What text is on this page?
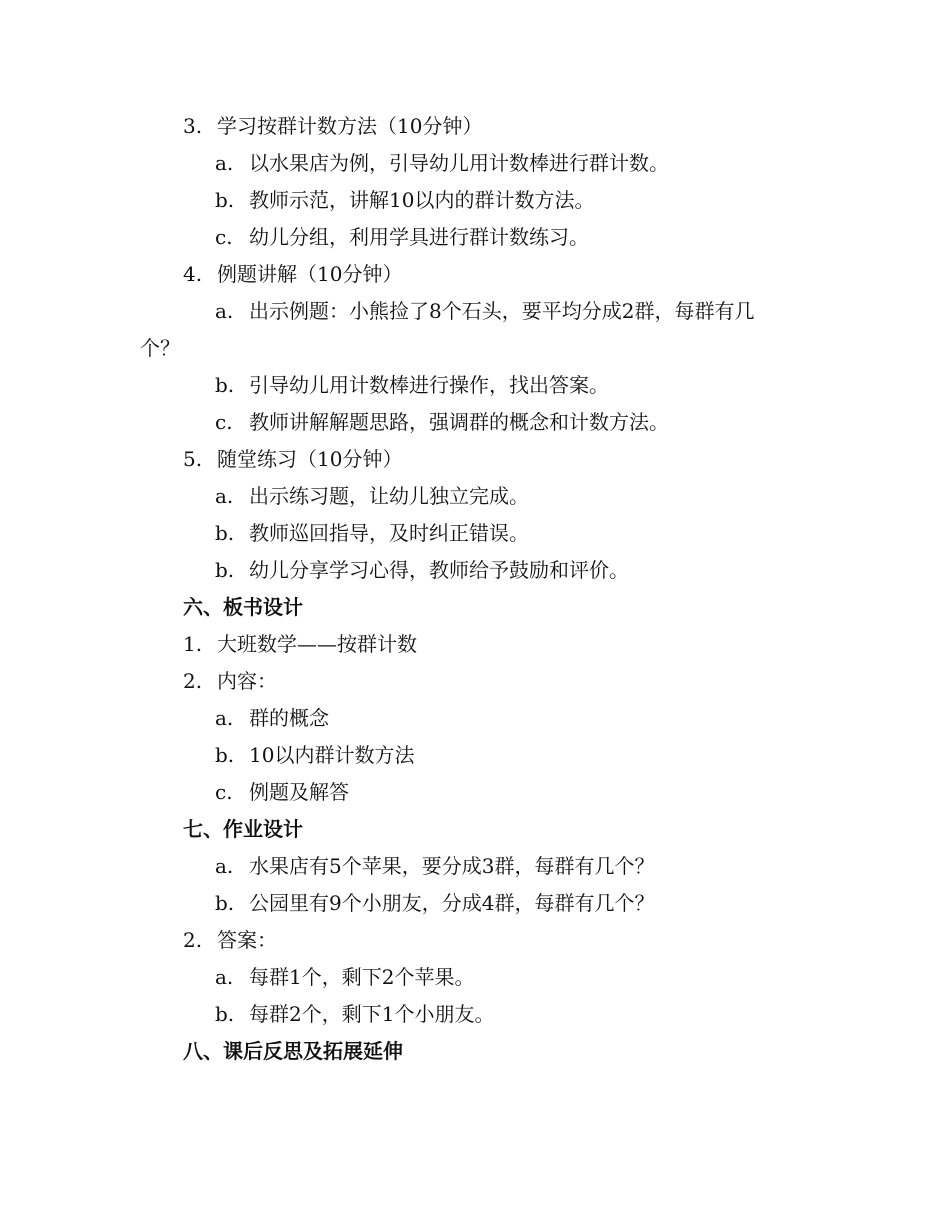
3. 学习按群计数方法（10分钟）
a. 以水果店为例，引导幼儿用计数棒进行群计数。
b. 教师示范，讲解10以内的群计数方法。
c. 幼儿分组，利用学具进行群计数练习。
4. 例题讲解（10分钟）
a. 出示例题：小熊捡了8个石头，要平均分成2群，每群有几
个？
b. 引导幼儿用计数棒进行操作，找出答案。
c. 教师讲解解题思路，强调群的概念和计数方法。
5. 随堂练习（10分钟）
a. 出示练习题，让幼儿独立完成。
b. 教师巡回指导，及时纠正错误。
b. 幼儿分享学习心得，教师给予鼓励和评价。
六、板书设计
1. 大班数学——按群计数
2. 内容：
a. 群的概念
b. 10以内群计数方法
c. 例题及解答
七、作业设计
a. 水果店有5个苹果，要分成3群，每群有几个？
b. 公园里有9个小朋友，分成4群，每群有几个？
2. 答案：
a. 每群1个，剩下2个苹果。
b. 每群2个，剩下1个小朋友。
八、课后反思及拓展延伸
